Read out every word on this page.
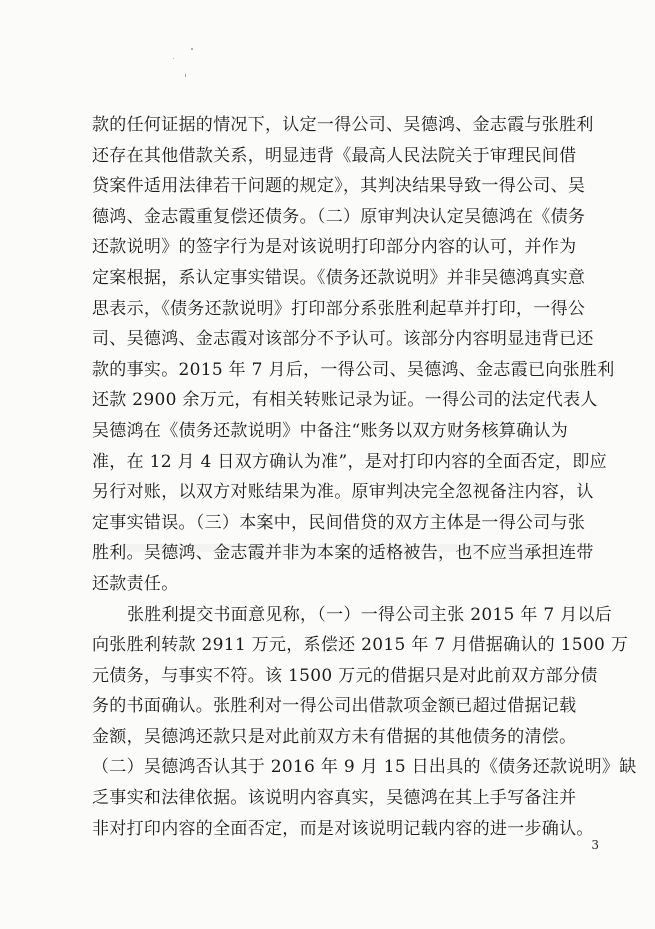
款的任何证据的情况下，认定一得公司、吴德鸿、金志霞与张胜利
还存在其他借款关系，明显违背《最高人民法院关于审理民间借
贷案件适用法律若干问题的规定》，其判决结果导致一得公司、吴
德鸿、金志霞重复偿还债务。（二）原审判决认定吴德鸿在《债务
还款说明》的签字行为是对该说明打印部分内容的认可，并作为
定案根据，系认定事实错误。《债务还款说明》并非吴德鸿真实意
思表示，《债务还款说明》打印部分系张胜利起草并打印，一得公
司、吴德鸿、金志霞对该部分不予认可。该部分内容明显违背已还
款的事实。2015 年 7 月后，一得公司、吴德鸿、金志霞已向张胜利
还款 2900 余万元，有相关转账记录为证。一得公司的法定代表人
吴德鸿在《债务还款说明》中备注“账务以双方财务核算确认为
准，在 12 月 4 日双方确认为准”，是对打印内容的全面否定，即应
另行对账，以双方对账结果为准。原审判决完全忽视备注内容，认
定事实错误。（三）本案中，民间借贷的双方主体是一得公司与张
胜利。吴德鸿、金志霞并非为本案的适格被告，也不应当承担连带
还款责任。
张胜利提交书面意见称，（一）一得公司主张 2015 年 7 月以后
向张胜利转款 2911 万元，系偿还 2015 年 7 月借据确认的 1500 万
元债务，与事实不符。该 1500 万元的借据只是对此前双方部分债
务的书面确认。张胜利对一得公司出借款项金额已超过借据记载
金额，吴德鸿还款只是对此前双方未有借据的其他债务的清偿。
（二）吴德鸿否认其于 2016 年 9 月 15 日出具的《债务还款说明》缺
乏事实和法律依据。该说明内容真实，吴德鸿在其上手写备注并
非对打印内容的全面否定，而是对该说明记载内容的进一步确认。
3
